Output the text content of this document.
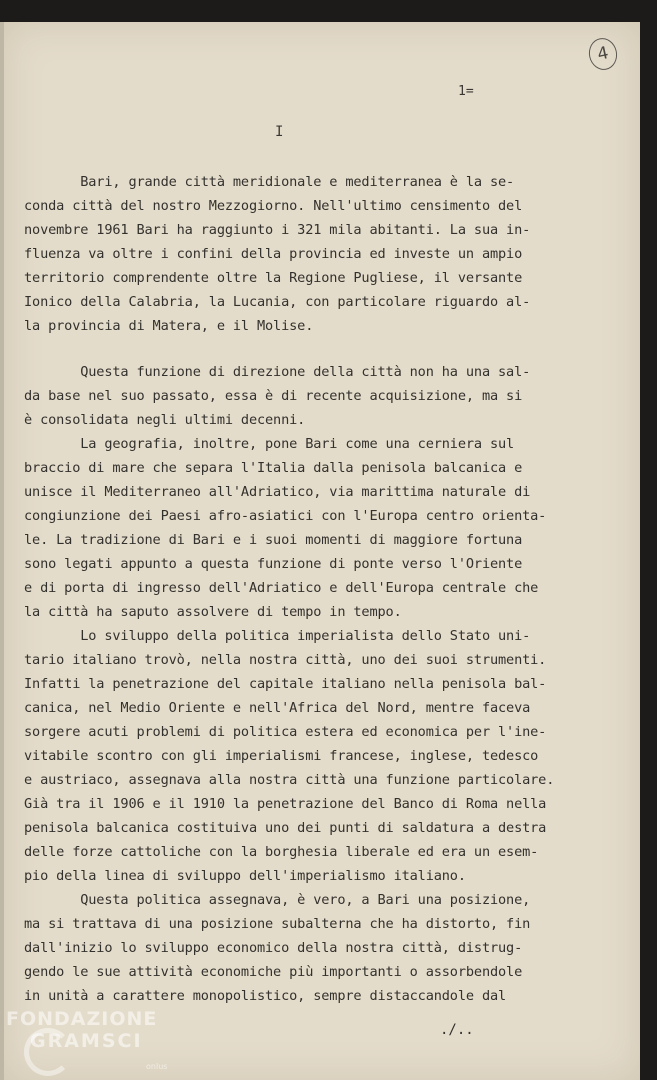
4
1=
I
Bari, grande città meridionale e mediterranea è la se-
conda città del nostro Mezzogiorno. Nell'ultimo censimento del
novembre 1961 Bari ha raggiunto i 321 mila abitanti. La sua in-
fluenza va oltre i confini della provincia ed investe un ampio
territorio comprendente oltre la Regione Pugliese, il versante
Ionico della Calabria, la Lucania, con particolare riguardo al-
la provincia di Matera, e il Molise.
Questa funzione di direzione della città non ha una sal-
da base nel suo passato, essa è di recente acquisizione, ma si
è consolidata negli ultimi decenni.
La geografia, inoltre, pone Bari come una cerniera sul
braccio di mare che separa l'Italia dalla penisola balcanica e
unisce il Mediterraneo all'Adriatico, via marittima naturale di
congiunzione dei Paesi afro-asiatici con l'Europa centro orienta-
le. La tradizione di Bari e i suoi momenti di maggiore fortuna
sono legati appunto a questa funzione di ponte verso l'Oriente
e di porta di ingresso dell'Adriatico e dell'Europa centrale che
la città ha saputo assolvere di tempo in tempo.
Lo sviluppo della politica imperialista dello Stato uni-
tario italiano trovò, nella nostra città, uno dei suoi strumenti.
Infatti la penetrazione del capitale italiano nella penisola bal-
canica, nel Medio Oriente e nell'Africa del Nord, mentre faceva
sorgere acuti problemi di politica estera ed economica per l'ine-
vitabile scontro con gli imperialismi francese, inglese, tedesco
e austriaco, assegnava alla nostra città una funzione particolare.
Già tra il 1906 e il 1910 la penetrazione del Banco di Roma nella
penisola balcanica costituiva uno dei punti di saldatura a destra
delle forze cattoliche con la borghesia liberale ed era un esem-
pio della linea di sviluppo dell'imperialismo italiano.
Questa politica assegnava, è vero, a Bari una posizione,
ma si trattava di una posizione subalterna che ha distorto, fin
dall'inizio lo sviluppo economico della nostra città, distrug-
gendo le sue attività economiche più importanti o assorbendole
in unità a carattere monopolistico, sempre distaccandole dal
./..
FONDAZIONE
GRAMSCI
onlus
